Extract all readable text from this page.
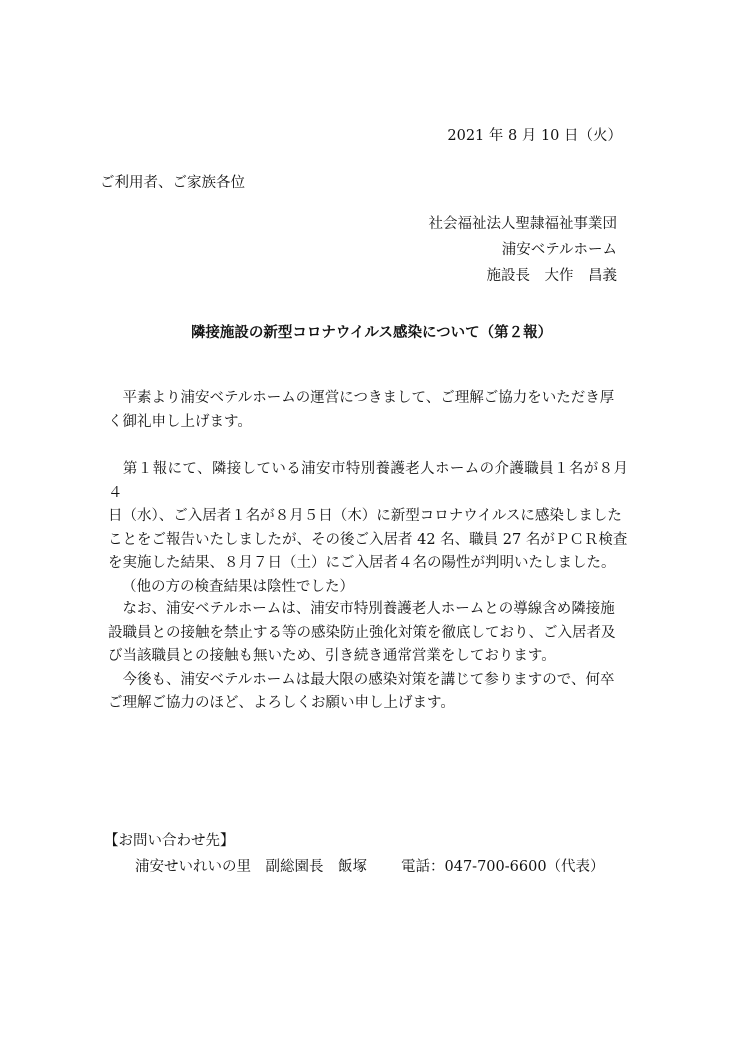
2021 年 8 月 10 日（火）
ご利用者、ご家族各位
社会福祉法人聖隷福祉事業団
浦安ベテルホーム
施設長　大作　昌義
隣接施設の新型コロナウイルス感染について（第２報）
　平素より浦安ベテルホームの運営につきまして、ご理解ご協力をいただき厚
く御礼申し上げます。
　第１報にて、隣接している浦安市特別養護老人ホームの介護職員１名が８月４
日（水）、ご入居者１名が８月５日（木）に新型コロナウイルスに感染しました
ことをご報告いたしましたが、その後ご入居者 42 名、職員 27 名がＰＣＲ検査
を実施した結果、８月７日（土）にご入居者４名の陽性が判明いたしました。
（他の方の検査結果は陰性でした）
　なお、浦安ベテルホームは、浦安市特別養護老人ホームとの導線含め隣接施
設職員との接触を禁止する等の感染防止強化対策を徹底しており、ご入居者及
び当該職員との接触も無いため、引き続き通常営業をしております。
　今後も、浦安ベテルホームは最大限の感染対策を講じて参りますので、何卒
ご理解ご協力のほど、よろしくお願い申し上げます。
【お問い合わせ先】
浦安せいれいの里　副総園長　飯塚 電話：047-700-6600（代表）
